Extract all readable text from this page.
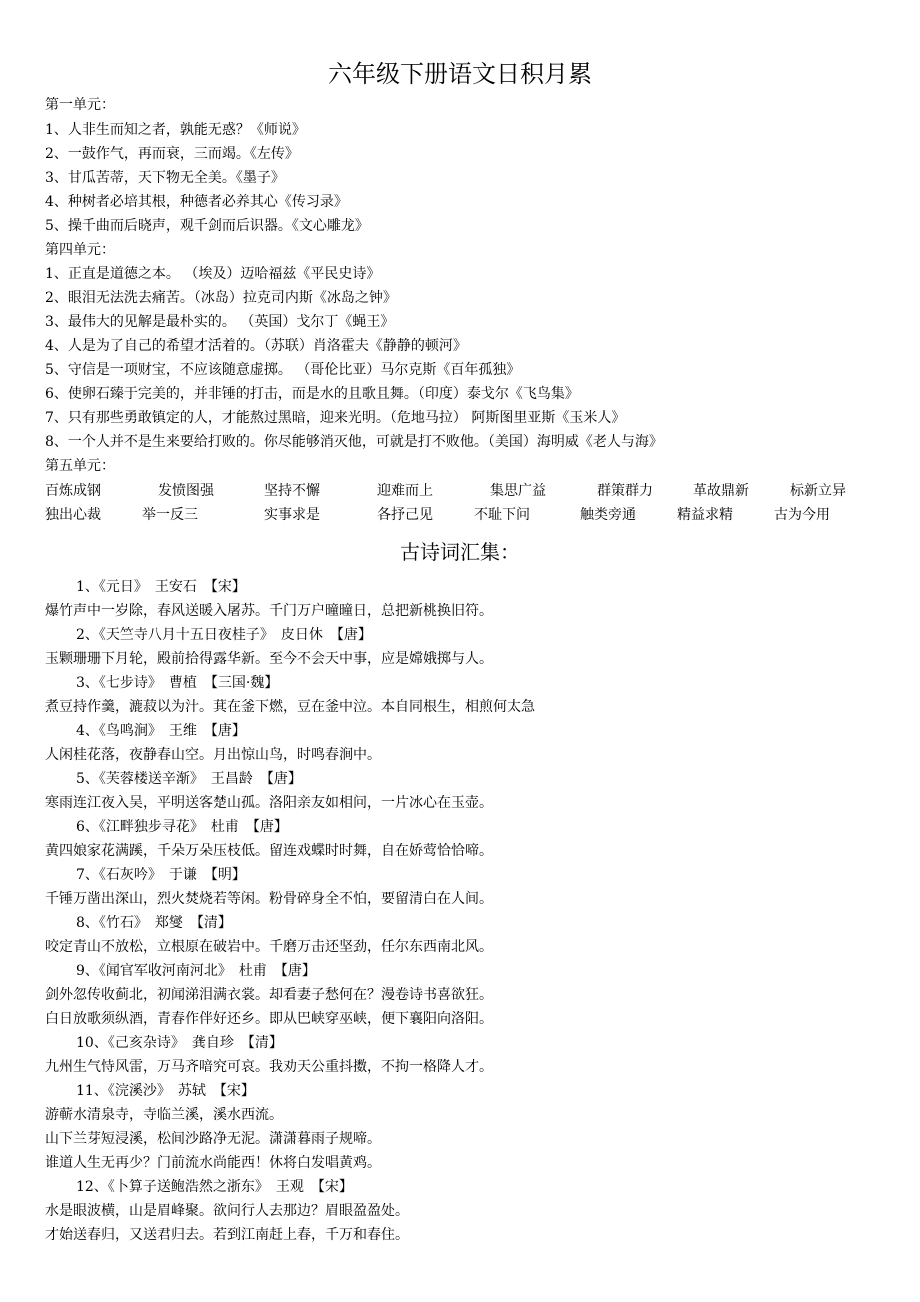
六年级下册语文日积月累
第一单元：
1、人非生而知之者，孰能无惑？《师说》
2、一鼓作气，再而衰，三而竭。《左传》
3、甘瓜苦蒂，天下物无全美。《墨子》
4、种树者必培其根，种德者必养其心《传习录》
5、操千曲而后晓声，观千剑而后识器。《文心雕龙》
第四单元：
1、正直是道德之本。 （埃及）迈哈福兹《平民史诗》
2、眼泪无法洗去痛苦。（冰岛）拉克司内斯《冰岛之钟》
3、最伟大的见解是最朴实的。 （英国）戈尔丁《蝇王》
4、人是为了自己的希望才活着的。（苏联）肖洛霍夫《静静的顿河》
5、守信是一项财宝，不应该随意虚掷。 （哥伦比亚）马尔克斯《百年孤独》
6、使卵石臻于完美的，并非锤的打击，而是水的且歌且舞。（印度）泰戈尔《飞鸟集》
7、只有那些勇敢镇定的人，才能熬过黑暗，迎来光明。（危地马拉） 阿斯图里亚斯《玉米人》
8、一个人并不是生来要给打败的。你尽能够消灭他，可就是打不败他。（美国）海明威《老人与海》
第五单元：
百炼成钢	发愤图强	坚持不懈	迎难而上	集思广益	群策群力	革故鼎新	标新立异
独出心裁	举一反三	实事求是	各抒己见	不耻下问	触类旁通	精益求精	古为今用
古诗词汇集：
1、《元日》　王安石　【宋】
爆竹声中一岁除，春风送暖入屠苏。千门万户曈曈日，总把新桃换旧符。
2、《天竺寺八月十五日夜桂子》　皮日休　【唐】
玉颗珊珊下月轮，殿前拾得露华新。至今不会天中事，应是嫦娥掷与人。
3、《七步诗》　曹植　【三国·魏】
煮豆持作羹，漉菽以为汁。萁在釜下燃，豆在釜中泣。本自同根生，相煎何太急
4、《鸟鸣涧》　王维　【唐】
人闲桂花落，夜静春山空。月出惊山鸟，时鸣春涧中。
5、《芙蓉楼送辛渐》　王昌龄　【唐】
寒雨连江夜入吴，平明送客楚山孤。洛阳亲友如相问，一片冰心在玉壶。
6、《江畔独步寻花》　杜甫　【唐】
黄四娘家花满蹊，千朵万朵压枝低。留连戏蝶时时舞，自在娇莺恰恰啼。
7、《石灰吟》　于谦　【明】
千锤万凿出深山，烈火焚烧若等闲。粉骨碎身全不怕，要留清白在人间。
8、《竹石》　郑燮　【清】
咬定青山不放松，立根原在破岩中。千磨万击还坚劲，任尔东西南北风。
9、《闻官军收河南河北》　杜甫　【唐】
剑外忽传收蓟北，初闻涕泪满衣裳。却看妻子愁何在？漫卷诗书喜欲狂。
白日放歌须纵酒，青春作伴好还乡。即从巴峡穿巫峡，便下襄阳向洛阳。
10、《己亥杂诗》　龚自珍　【清】
九州生气恃风雷，万马齐喑究可哀。我劝天公重抖擞，不拘一格降人才。
11、《浣溪沙》　苏轼　【宋】
游蕲水清泉寺，寺临兰溪，溪水西流。
山下兰芽短浸溪，松间沙路净无泥。潇潇暮雨子规啼。
谁道人生无再少？门前流水尚能西！休将白发唱黄鸡。
12、《卜算子送鲍浩然之浙东》　王观　【宋】
水是眼波横，山是眉峰聚。欲问行人去那边？眉眼盈盈处。
才始送春归，又送君归去。若到江南赶上春，千万和春住。
